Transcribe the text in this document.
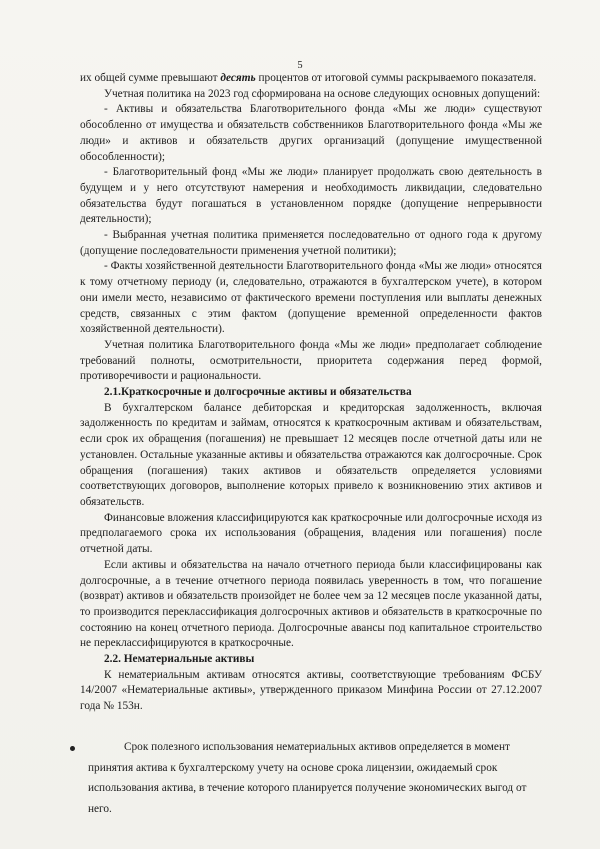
5

их общей сумме превышают десять процентов от итоговой суммы раскрываемого показателя.

Учетная политика на 2023 год сформирована на основе следующих основных допущений:

- Активы и обязательства Благотворительного фонда «Мы же люди» существуют обособленно от имущества и обязательств собственников Благотворительного фонда «Мы же люди» и активов и обязательств других организаций (допущение имущественной обособленности);

- Благотворительный фонд «Мы же люди» планирует продолжать свою деятельность в будущем и у него отсутствуют намерения и необходимость ликвидации, следовательно обязательства будут погашаться в установленном порядке (допущение непрерывности деятельности);

- Выбранная учетная политика применяется последовательно от одного года к другому (допущение последовательности применения учетной политики);

- Факты хозяйственной деятельности Благотворительного фонда «Мы же люди» относятся к тому отчетному периоду (и, следовательно, отражаются в бухгалтерском учете), в котором они имели место, независимо от фактического времени поступления или выплаты денежных средств, связанных с этим фактом (допущение временной определенности фактов хозяйственной деятельности).

Учетная политика Благотворительного фонда «Мы же люди» предполагает соблюдение требований полноты, осмотрительности, приоритета содержания перед формой, противоречивости и рациональности.

2.1.Краткосрочные и долгосрочные активы и обязательства

В бухгалтерском балансе дебиторская и кредиторская задолженность, включая задолженность по кредитам и займам, относятся к краткосрочным активам и обязательствам, если срок их обращения (погашения) не превышает 12 месяцев после отчетной даты или не установлен. Остальные указанные активы и обязательства отражаются как долгосрочные. Срок обращения (погашения) таких активов и обязательств определяется условиями соответствующих договоров, выполнение которых привело к возникновению этих активов и обязательств.

Финансовые вложения классифицируются как краткосрочные или долгосрочные исходя из предполагаемого срока их использования (обращения, владения или погашения) после отчетной даты.

Если активы и обязательства на начало отчетного периода были классифицированы как долгосрочные, а в течение отчетного периода появилась уверенность в том, что погашение (возврат) активов и обязательств произойдет не более чем за 12 месяцев после указанной даты, то производится переклассификация долгосрочных активов и обязательств в краткосрочные по состоянию на конец отчетного периода. Долгосрочные авансы под капитальное строительство не переклассифицируются в краткосрочные.

2.2. Нематериальные активы

К нематериальным активам относятся активы, соответствующие требованиям ФСБУ 14/2007 «Нематериальные активы», утвержденного приказом Минфина России от 27.12.2007 года № 153н.

Срок полезного использования нематериальных активов определяется в момент принятия актива к бухгалтерскому учету на основе срока лицензии, ожидаемый срок использования актива, в течение которого планируется получение экономических выгод от него.
